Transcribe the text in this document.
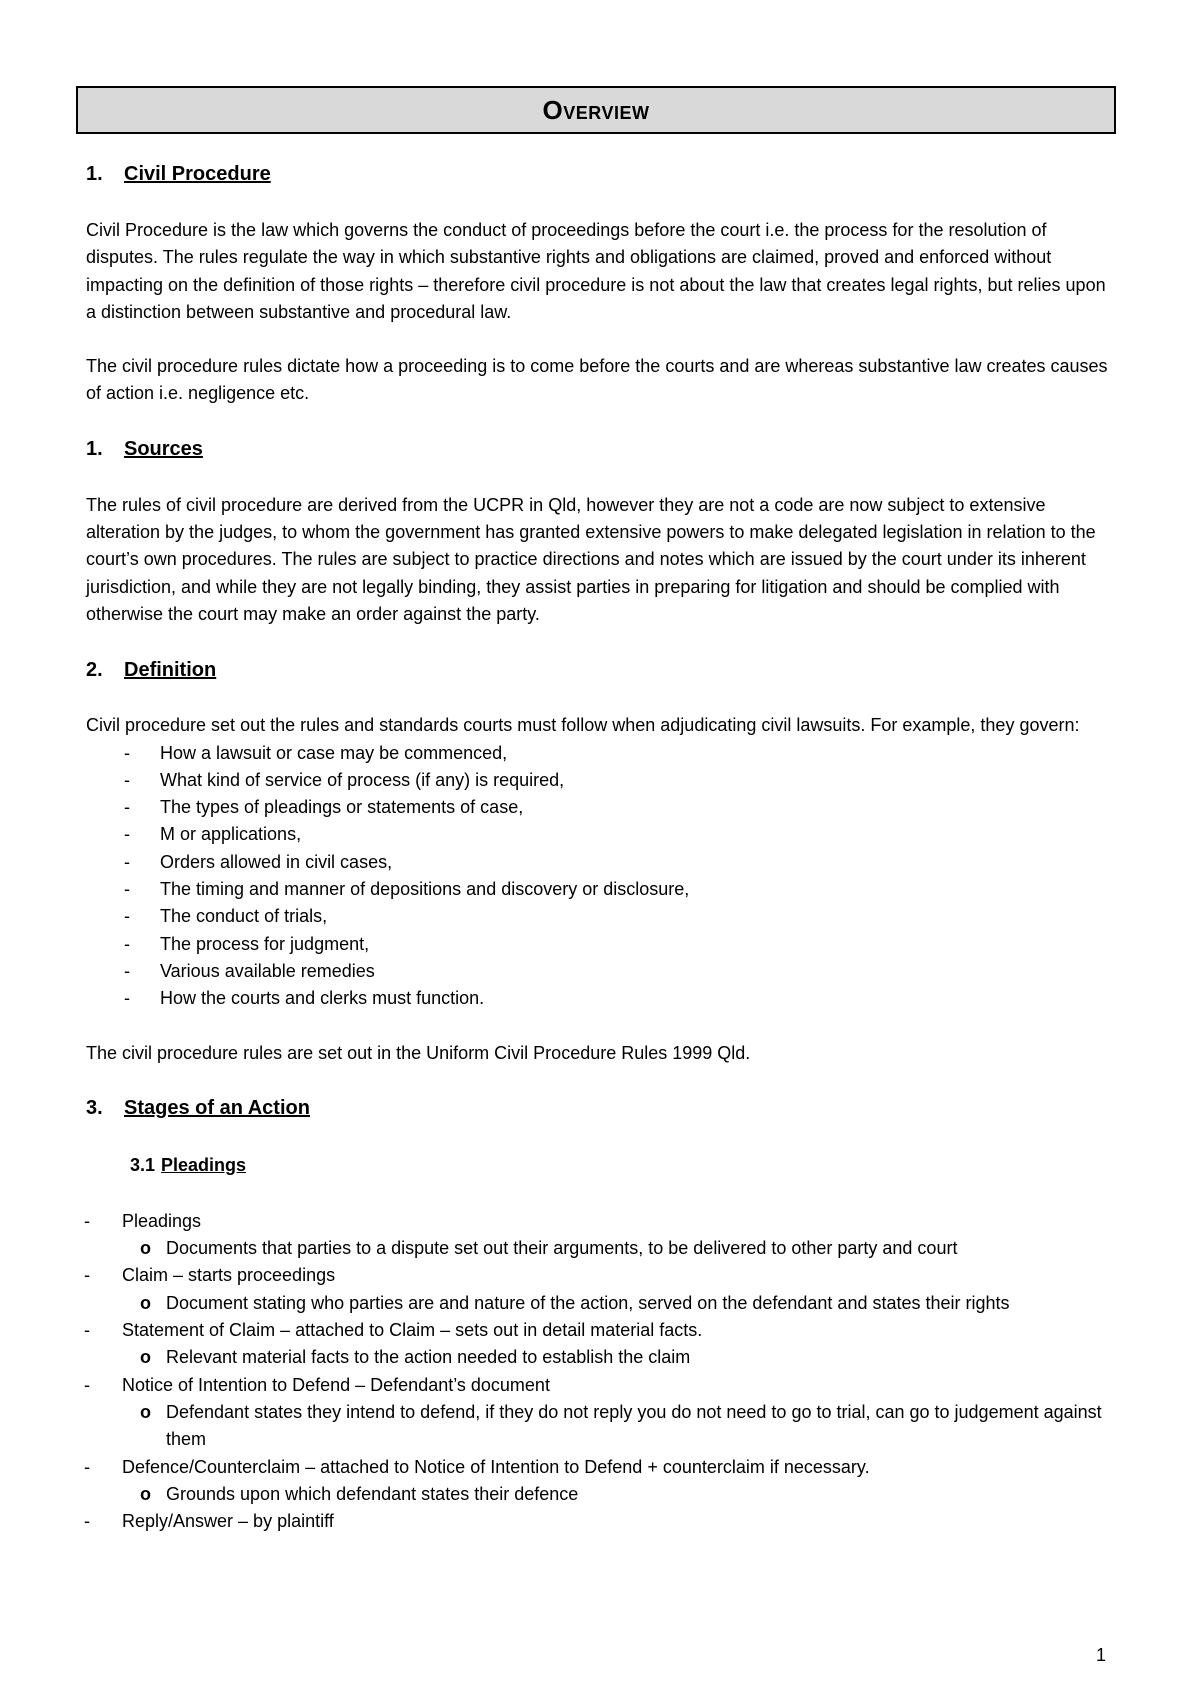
Overview
1.	Civil Procedure

Civil Procedure is the law which governs the conduct of proceedings before the court i.e. the process for the resolution of disputes. The rules regulate the way in which substantive rights and obligations are claimed, proved and enforced without impacting on the definition of those rights – therefore civil procedure is not about the law that creates legal rights, but relies upon a distinction between substantive and procedural law.

The civil procedure rules dictate how a proceeding is to come before the courts and are whereas substantive law creates causes of action i.e. negligence etc.

1.	Sources

The rules of civil procedure are derived from the UCPR in Qld, however they are not a code are now subject to extensive alteration by the judges, to whom the government has granted extensive powers to make delegated legislation in relation to the court’s own procedures. The rules are subject to practice directions and notes which are issued by the court under its inherent jurisdiction, and while they are not legally binding, they assist parties in preparing for litigation and should be complied with otherwise the court may make an order against the party.

2.	Definition

Civil procedure set out the rules and standards courts must follow when adjudicating civil lawsuits. For example, they govern:

-	How a lawsuit or case may be commenced,
-	What kind of service of process (if any) is required,
-	The types of pleadings or statements of case,
-	M or applications,
-	Orders allowed in civil cases,
-	The timing and manner of depositions and discovery or disclosure,
-	The conduct of trials,
-	The process for judgment,
-	Various available remedies
-	How the courts and clerks must function.

The civil procedure rules are set out in the Uniform Civil Procedure Rules 1999 Qld.

3.	Stages of an Action
3.1 Pleadings
-	Pleadings
o Documents that parties to a dispute set out their arguments, to be delivered to other party and court
-	Claim – starts proceedings
o Document stating who parties are and nature of the action, served on the defendant and states their rights
-	Statement of Claim – attached to Claim – sets out in detail material facts.
o Relevant material facts to the action needed to establish the claim
-	Notice of Intention to Defend – Defendant’s document
o Defendant states they intend to defend, if they do not reply you do not need to go to trial, can go to judgement against them
-	Defence/Counterclaim – attached to Notice of Intention to Defend + counterclaim if necessary.
o Grounds upon which defendant states their defence
-	Reply/Answer – by plaintiff
1
